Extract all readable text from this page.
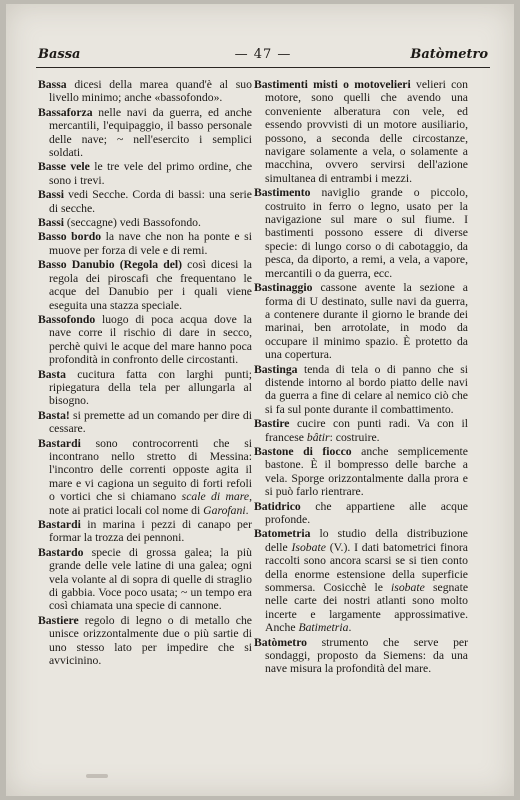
Bassa	— 47 —	Batòmetro

Bassa dicesi della marea quand'è al suo livello minimo; anche «bassofondo».

Bassaforza nelle navi da guerra, ed anche mercantili, l'equipaggio, il basso personale delle nave; ~ nell'esercito i semplici soldati.

Basse vele le tre vele del primo ordine, che sono i trevi.

Bassi vedi Secche. Corda di bassi: una serie di secche.

Bassi (seccagne) vedi Bassofondo.

Basso bordo la nave che non ha ponte e si muove per forza di vele e di remi.

Basso Danubio (Regola del) così dicesi la regola dei piroscafi che frequentano le acque del Danubio per i quali viene eseguita una stazza speciale.

Bassofondo luogo di poca acqua dove la nave corre il rischio di dare in secco, perchè quivi le acque del mare hanno poca profondità in confronto delle circostanti.

Basta cucitura fatta con larghi punti; ripiegatura della tela per allungarla al bisogno.

Basta! si premette ad un comando per dire di cessare.

Bastardi sono controcorrenti che si incontrano nello stretto di Messina: l'incontro delle correnti opposte agita il mare e vi cagiona un seguito di forti refoli o vortici che si chiamano scale di mare, note ai pratici locali col nome di Garofani.

Bastardi in marina i pezzi di canapo per formar la trozza dei pennoni.

Bastardo specie di grossa galea; la più grande delle vele latine di una galea; ogni vela volante al di sopra di quelle di straglio di gabbia. Voce poco usata; ~ un tempo era così chiamata una specie di cannone.

Bastiere regolo di legno o di metallo che unisce orizzontalmente due o più sartie di uno stesso lato per impedire che si avvicinino.

Bastimenti misti o motovelieri velieri con motore, sono quelli che avendo una conveniente alberatura con vele, ed essendo provvisti di un motore ausiliario, possono, a seconda delle circostanze, navigare solamente a vela, o solamente a macchina, ovvero servirsi dell'azione simultanea di entrambi i mezzi.

Bastimento naviglio grande o piccolo, costruito in ferro o legno, usato per la navigazione sul mare o sul fiume. I bastimenti possono essere di diverse specie: di lungo corso o di cabotaggio, da pesca, da diporto, a remi, a vela, a vapore, mercantili o da guerra, ecc.

Bastinaggio cassone avente la sezione a forma di U destinato, sulle navi da guerra, a contenere durante il giorno le brande dei marinai, ben arrotolate, in modo da occupare il minimo spazio. È protetto da una copertura.

Bastinga tenda di tela o di panno che si distende intorno al bordo piatto delle navi da guerra a fine di celare al nemico ciò che si fa sul ponte durante il combattimento.

Bastire cucire con punti radi. Va con il francese bâtir: costruire.

Bastone di fiocco anche semplicemente bastone. È il bompresso delle barche a vela. Sporge orizzontalmente dalla prora e si può farlo rientrare.

Batidrico che appartiene alle acque profonde.

Batometria lo studio della distribuzione delle Isobate (V.). I dati batometrici finora raccolti sono ancora scarsi se si tien conto della enorme estensione della superficie sommersa. Cosicchè le isobate segnate nelle carte dei nostri atlanti sono molto incerte e largamente approssimative. Anche Batimetria.

Batòmetro strumento che serve per sondaggi, proposto da Siemens: da una nave misura la profondità del mare.
